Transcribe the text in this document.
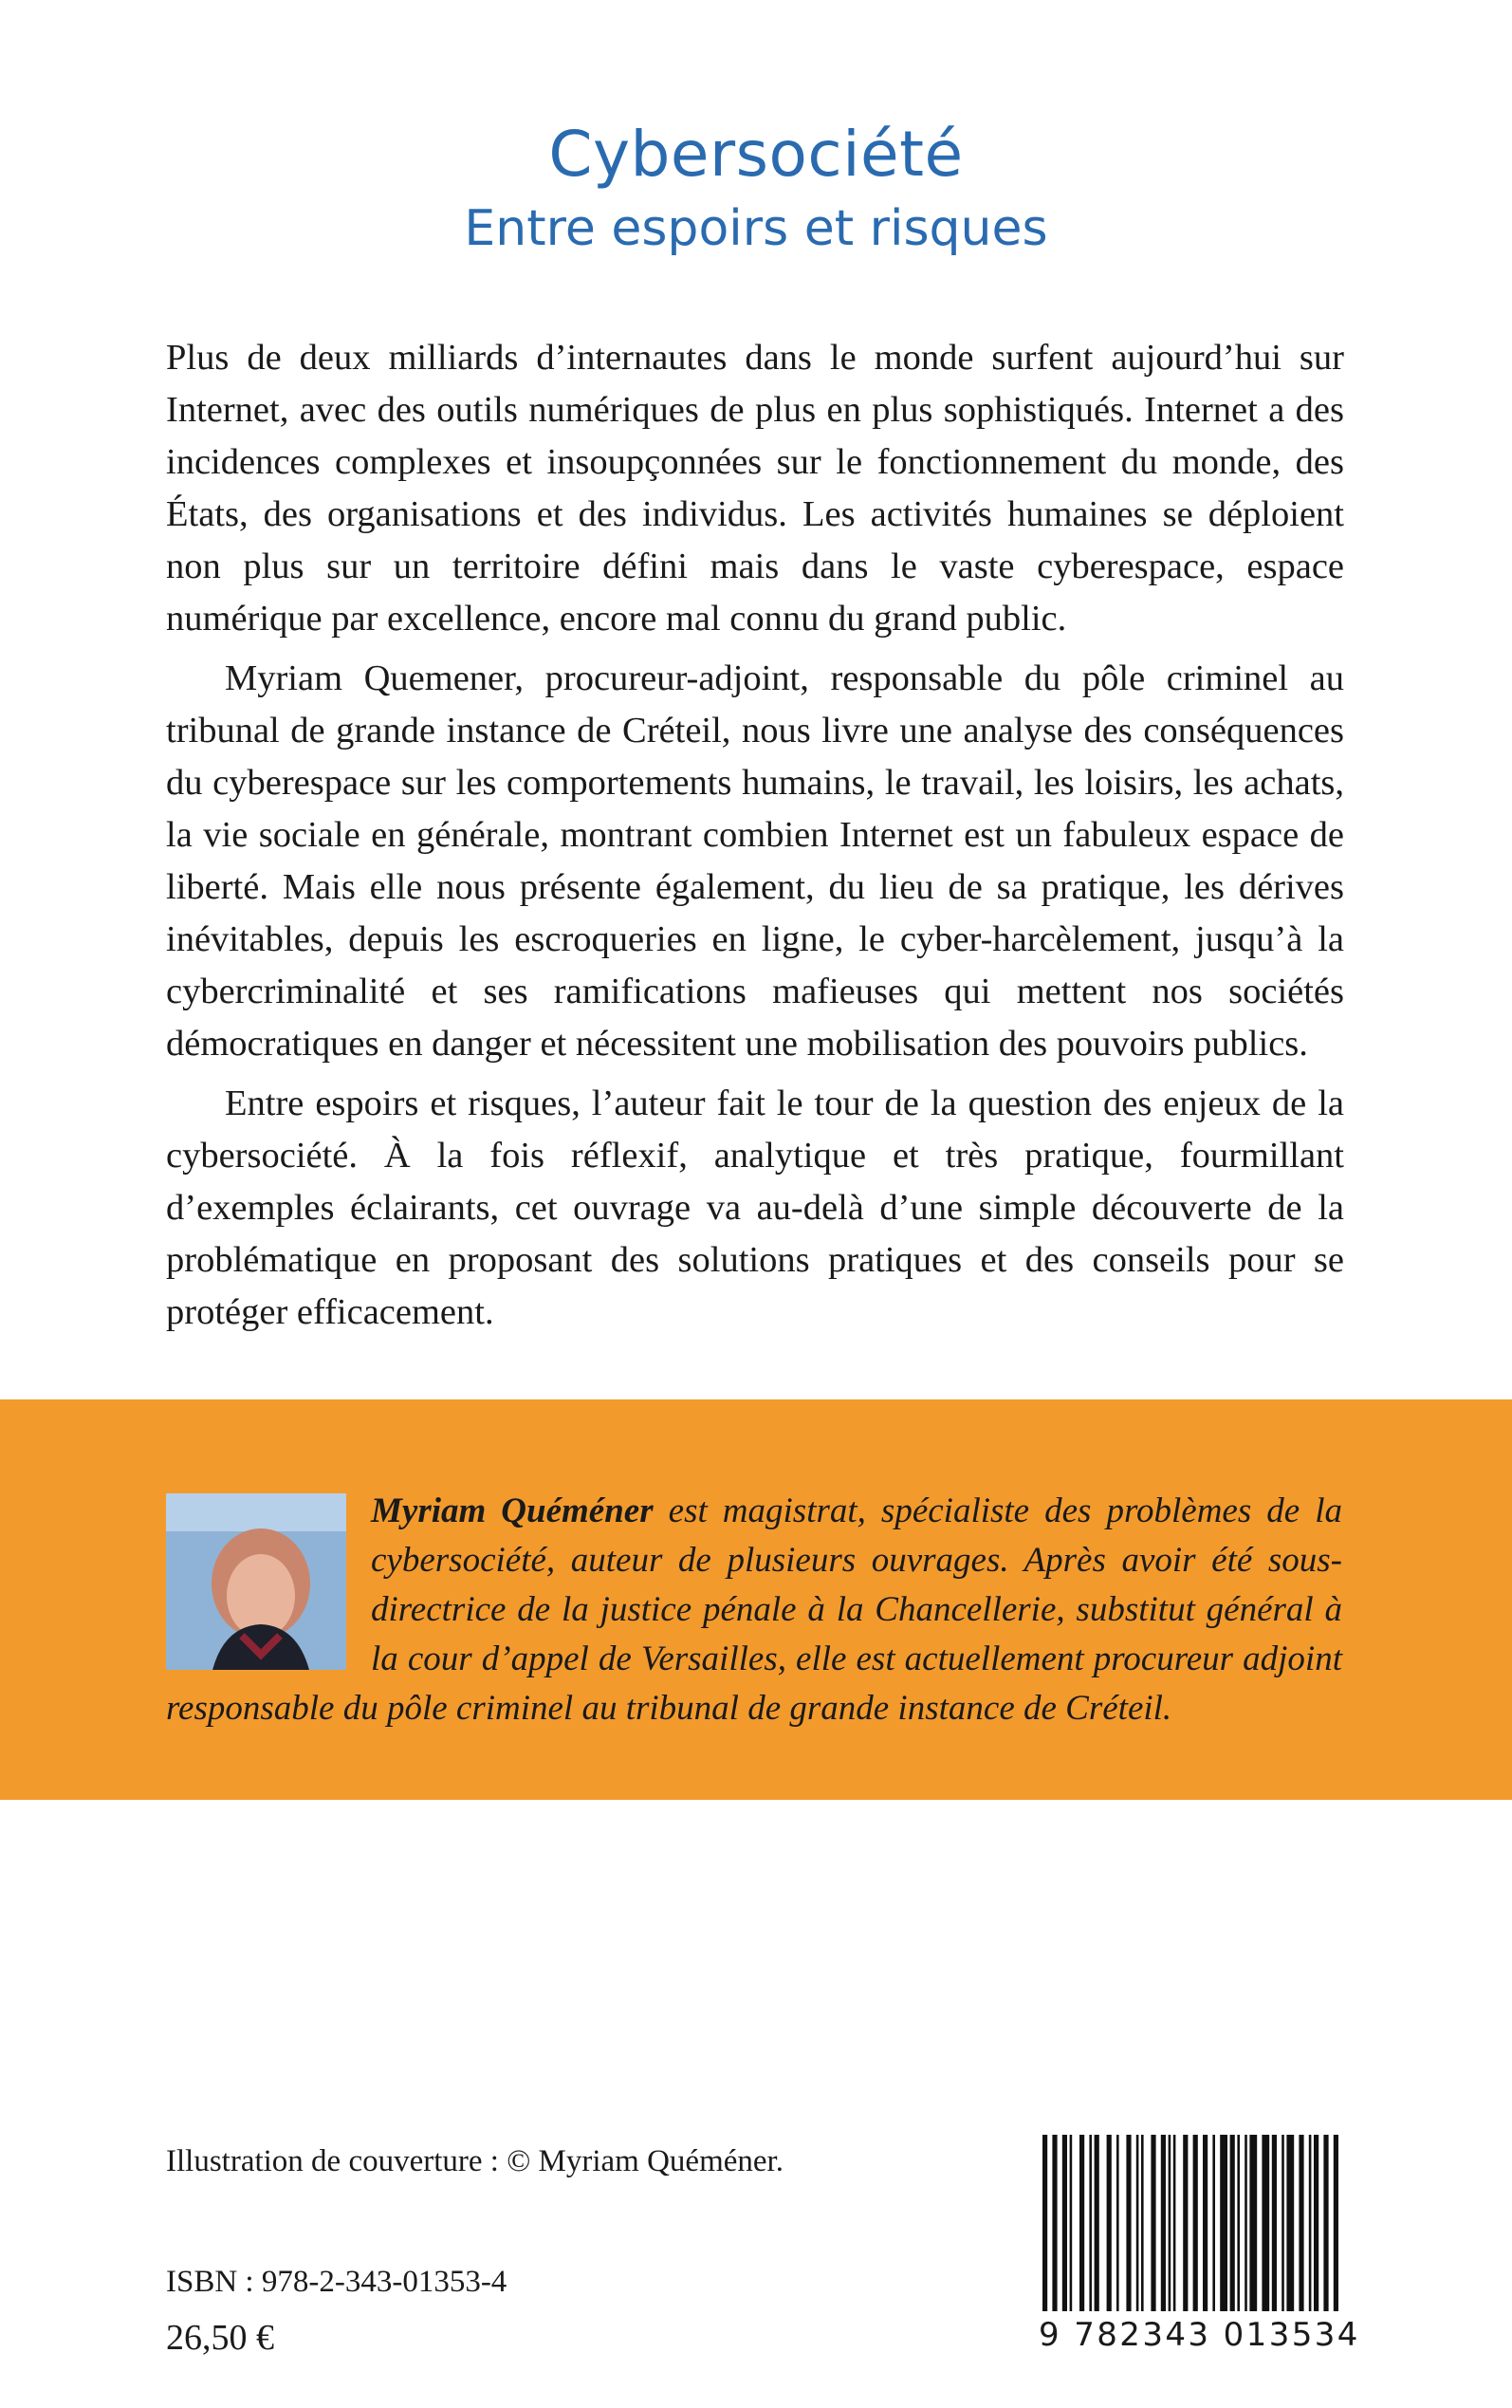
Cybersociété
Entre espoirs et risques

Plus de deux milliards d’internautes dans le monde surfent aujourd’hui sur Internet, avec des outils numériques de plus en plus sophistiqués. Internet a des incidences complexes et insoupçonnées sur le fonctionnement du monde, des États, des organisations et des individus. Les activités humaines se déploient non plus sur un territoire défini mais dans le vaste cyberespace, espace numérique par excellence, encore mal connu du grand public.

Myriam Quemener, procureur-adjoint, responsable du pôle criminel au tribunal de grande instance de Créteil, nous livre une analyse des conséquences du cyberespace sur les comportements humains, le travail, les loisirs, les achats, la vie sociale en générale, montrant combien Internet est un fabuleux espace de liberté. Mais elle nous présente également, du lieu de sa pratique, les dérives inévitables, depuis les escroqueries en ligne, le cyber-harcèlement, jusqu’à la cybercriminalité et ses ramifications mafieuses qui mettent nos sociétés démocratiques en danger et nécessitent une mobilisation des pouvoirs publics.

Entre espoirs et risques, l’auteur fait le tour de la question des enjeux de la cybersociété. À la fois réflexif, analytique et très pratique, fourmillant d’exemples éclairants, cet ouvrage va au-delà d’une simple découverte de la problématique en proposant des solutions pratiques et des conseils pour se protéger efficacement.

Myriam Quéméner est magistrat, spécialiste des problèmes de la cybersociété, auteur de plusieurs ouvrages. Après avoir été sous-directrice de la justice pénale à la Chancellerie, substitut général à la cour d’appel de Versailles, elle est actuellement procureur adjoint responsable du pôle criminel au tribunal de grande instance de Créteil.
Illustration de couverture : © Myriam Quéméner.
ISBN : 978-2-343-01353-4
26,50 €	9 782343 013534
